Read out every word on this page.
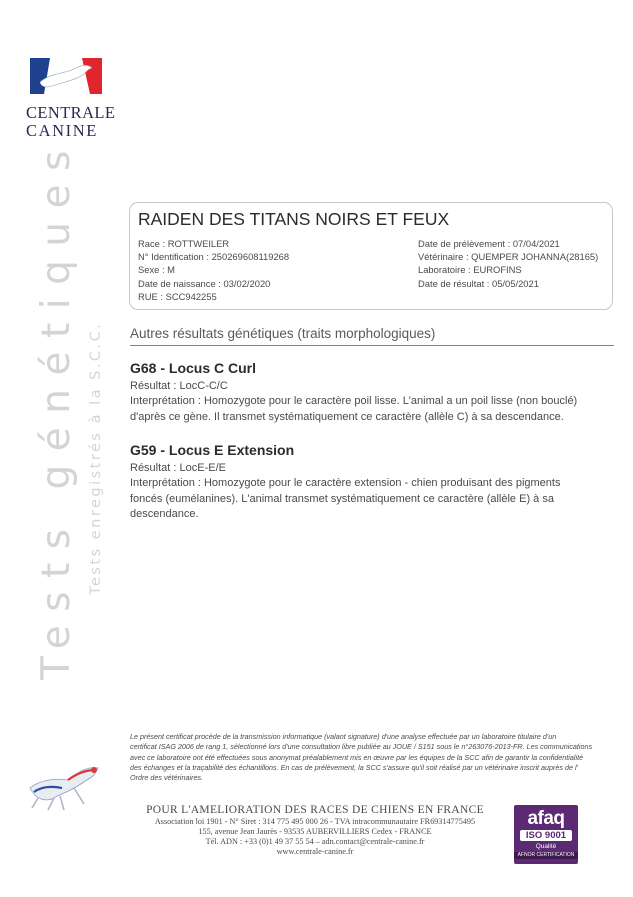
CENTRALE
CANINE
Tests génétiques Tests enregistrés à la S.C.C.
RAIDEN DES TITANS NOIRS ET FEUX
Race : ROTTWEILER
N° Identification : 250269608119268
Sexe : M
Date de naissance : 03/02/2020
RUE : SCC942255
Date de prélèvement : 07/04/2021
Vétérinaire : QUEMPER JOHANNA(28165)
Laboratoire : EUROFINS
Date de résultat : 05/05/2021
Autres résultats génétiques (traits morphologiques)
G68 - Locus C Curl
Résultat : LocC-C/C
Interprétation : Homozygote pour le caractère poil lisse. L'animal a un poil lisse (non bouclé)
d'après ce gène. Il transmet systématiquement ce caractère (allèle C) à sa descendance.
G59 - Locus E Extension
Résultat : LocE-E/E
Interprétation : Homozygote pour le caractère extension - chien produisant des pigments
foncés (eumélanines). L'animal transmet systématiquement ce caractère (allèle E) à sa
descendance.
Le présent certificat procède de la transmission informatique (valant signature) d'une analyse effectuée par un laboratoire titulaire d'un
certificat ISAG 2006 de rang 1, sélectionné lors d'une consultation libre publiée au JOUE / S151 sous le n°263076-2013-FR. Les communications
avec ce laboratoire ont été effectuées sous anonymat préalablement mis en œuvre par les équipes de la SCC afin de garantir la confidentialité
des échanges et la traçabilité des échantillons. En cas de prélèvement, la SCC s'assure qu'il soit réalisé par un vétérinaire inscrit auprès de l'
Ordre des vétérinaires.
POUR L'AMELIORATION DES RACES DE CHIENS EN FRANCE
Association loi 1901 - N° Siret : 314 775 495 000 26 - TVA intracommunautaire FR69314775495
155, avenue Jean Jaurès - 93535 AUBERVILLIERS Cedex - FRANCE
Tél. ADN : +33 (0)1 49 37 55 54 – adn.contact@centrale-canine.fr
www.centrale-canine.fr
afaq
ISO 9001
Qualité
AFNOR CERTIFICATION
